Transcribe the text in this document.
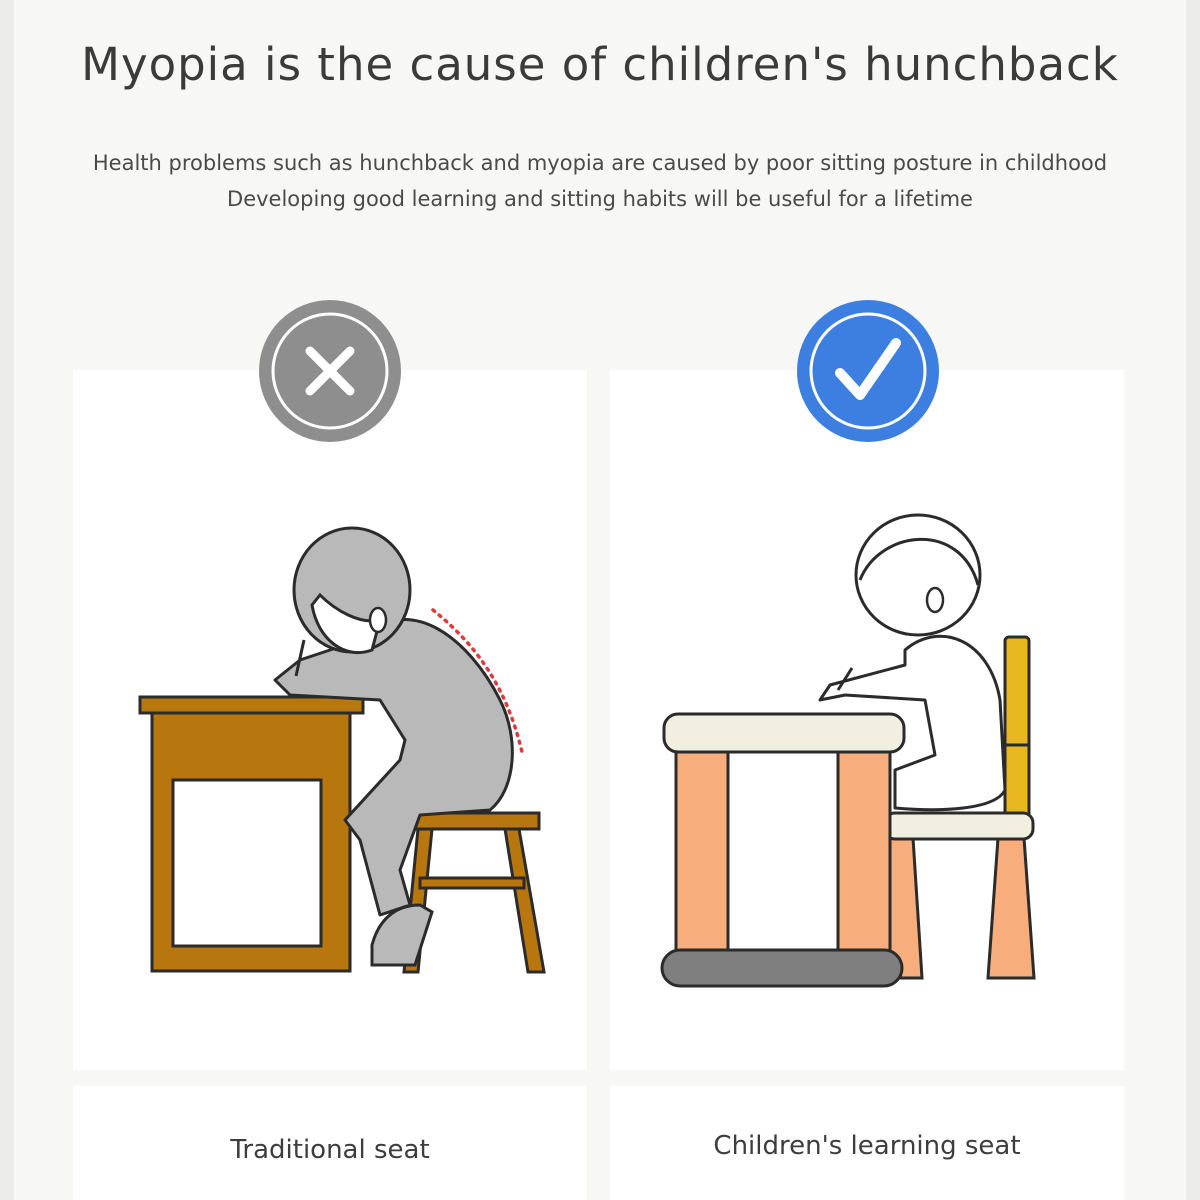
Myopia is the cause of children's hunchback
Health problems such as hunchback and myopia are caused by poor sitting posture in childhood
Developing good learning and sitting habits will be useful for a lifetime
Traditional seat	Children's learning seat
